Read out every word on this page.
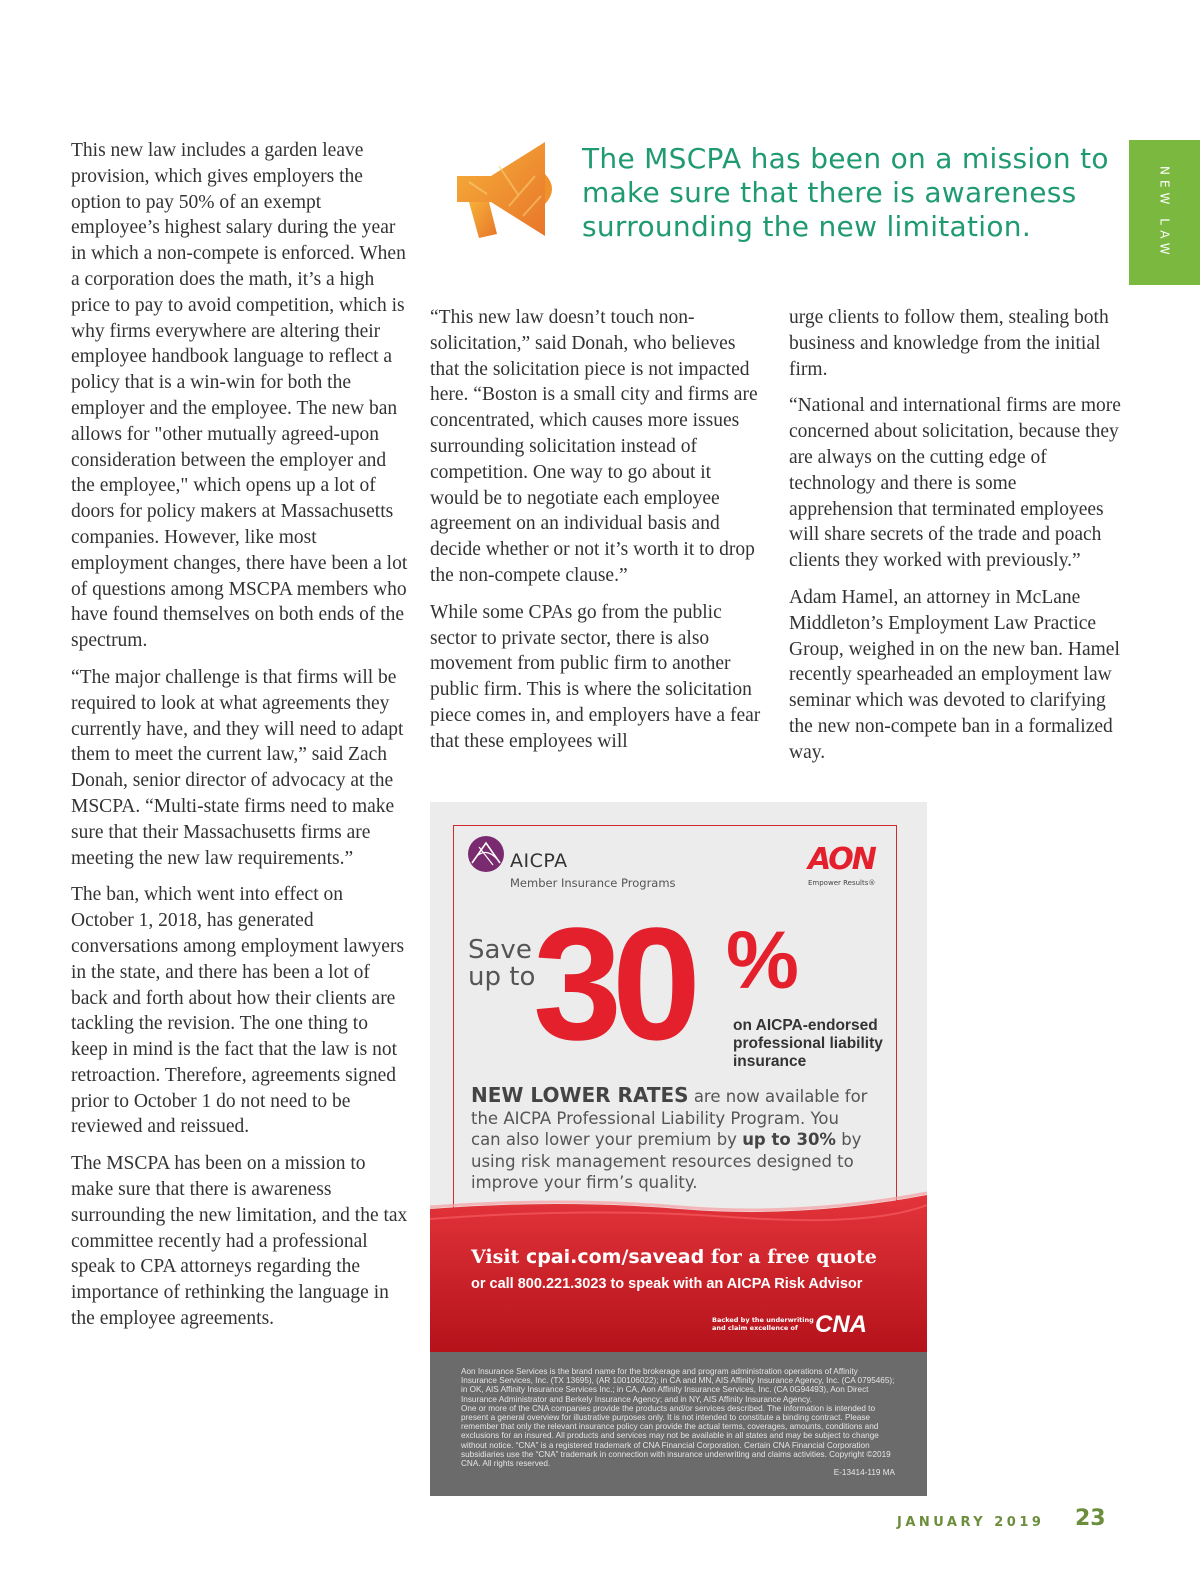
This new law includes a garden leave provision, which gives employers the option to pay 50% of an exempt employee’s highest salary during the year in which a non-compete is enforced. When a corporation does the math, it’s a high price to pay to avoid competition, which is why firms everywhere are altering their employee handbook language to reflect a policy that is a win-win for both the employer and the employee. The new ban allows for "other mutually agreed-upon consideration between the employer and the employee," which opens up a lot of doors for policy makers at Massachusetts companies. However, like most employment changes, there have been a lot of questions among MSCPA members who have found themselves on both ends of the spectrum.

“The major challenge is that firms will be required to look at what agreements they currently have, and they will need to adapt them to meet the current law,” said Zach Donah, senior director of advocacy at the MSCPA. “Multi-state firms need to make sure that their Massachusetts firms are meeting the new law requirements.”

The ban, which went into effect on October 1, 2018, has generated conversations among employment lawyers in the state, and there has been a lot of back and forth about how their clients are tackling the revision. The one thing to keep in mind is the fact that the law is not retroaction. Therefore, agreements signed prior to October 1 do not need to be reviewed and reissued.

The MSCPA has been on a mission to make sure that there is awareness surrounding the new limitation, and the tax committee recently had a professional speak to CPA attorneys regarding the importance of rethinking the language in the employee agreements.

The MSCPA has been on a mission to make sure that there is awareness surrounding the new limitation.	NEW LAW

“This new law doesn’t touch non-solicitation,” said Donah, who believes that the solicitation piece is not impacted here. “Boston is a small city and firms are concentrated, which causes more issues surrounding solicitation instead of competition. One way to go about it would be to negotiate each employee agreement on an individual basis and decide whether or not it’s worth it to drop the non-compete clause.”

While some CPAs go from the public sector to private sector, there is also movement from public firm to another public firm. This is where the solicitation piece comes in, and employers have a fear that these employees will

urge clients to follow them, stealing both business and knowledge from the initial firm.

“National and international firms are more concerned about solicitation, because they are always on the cutting edge of technology and there is some apprehension that terminated employees will share secrets of the trade and poach clients they worked with previously.”

Adam Hamel, an attorney in McLane Middleton’s Employment Law Practice Group, weighed in on the new ban. Hamel recently spearheaded an employment law seminar which was devoted to clarifying the new non-compete ban in a formalized way.

AICPA
Member Insurance Programs
AON
Empower Results®
Save up to
30 %
on AICPA-endorsed professional liability insurance
NEW LOWER RATES are now available for the AICPA Professional Liability Program. You can also lower your premium by up to 30% by using risk management resources designed to improve your firm’s quality.
Visit cpai.com/savead for a free quote
or call 800.221.3023 to speak with an AICPA Risk Advisor
Backed by the underwriting and claim excellence of CNA

Aon Insurance Services is the brand name for the brokerage and program administration operations of Affinity Insurance Services, Inc. (TX 13695), (AR 100106022); in CA and MN, AIS Affinity Insurance Agency, Inc. (CA 0795465); in OK, AIS Affinity Insurance Services Inc.; in CA, Aon Affinity Insurance Services, Inc. (CA 0G94493), Aon Direct Insurance Administrator and Berkely Insurance Agency; and in NY, AIS Affinity Insurance Agency.

One or more of the CNA companies provide the products and/or services described. The information is intended to present a general overview for illustrative purposes only. It is not intended to constitute a binding contract. Please remember that only the relevant insurance policy can provide the actual terms, coverages, amounts, conditions and exclusions for an insured. All products and services may not be available in all states and may be subject to change without notice. “CNA” is a registered trademark of CNA Financial Corporation. Certain CNA Financial Corporation subsidiaries use the “CNA” trademark in connection with insurance underwriting and claims activities. Copyright ©2019 CNA. All rights reserved.

E-13414-119 MA

JANUARY 2019 23
